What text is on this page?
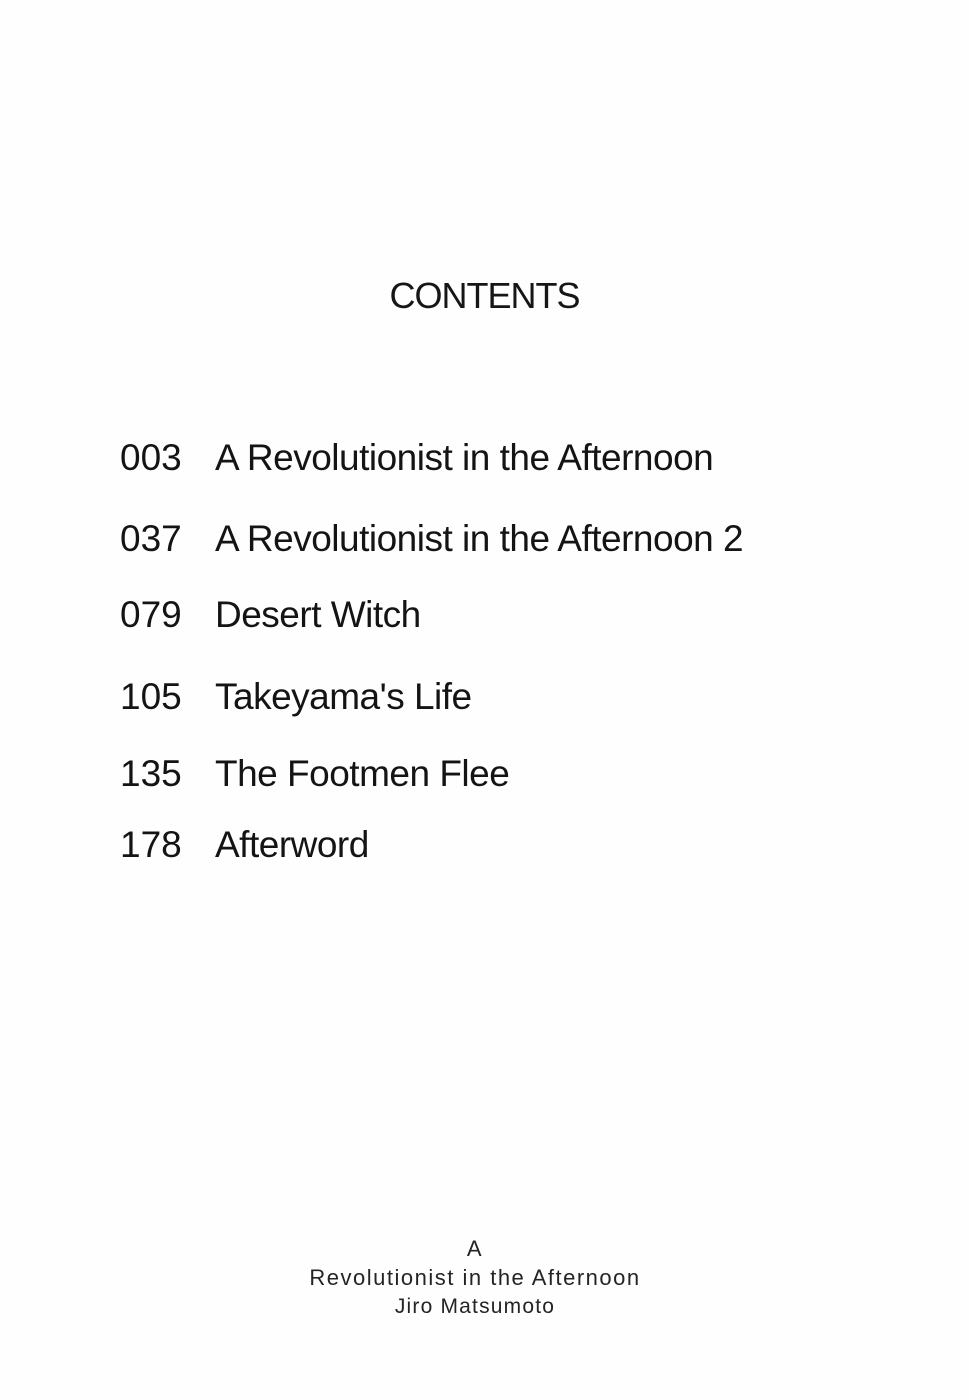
CONTENTS
003 A Revolutionist in the Afternoon
037 A Revolutionist in the Afternoon 2
079 Desert Witch
105 Takeyama's Life
135 The Footmen Flee
178 Afterword
A
Revolutionist in the Afternoon
Jiro Matsumoto
